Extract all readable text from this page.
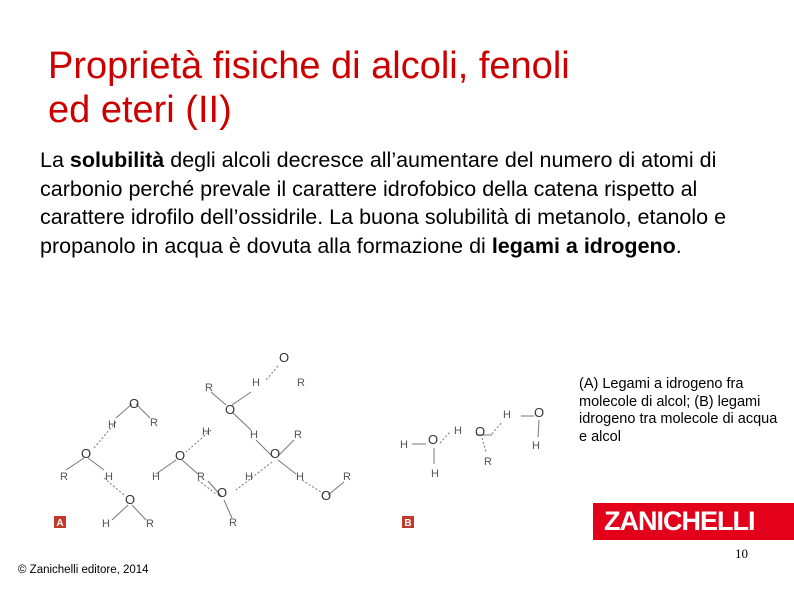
Proprietà fisiche di alcoli, fenoli
ed eteri (II)

La solubilità degli alcoli decresce all’aumentare del numero di atomi di carbonio perché prevale il carattere idrofobico della catena rispetto al carattere idrofilo dell’ossidrile. La buona solubilità di metanolo, etanolo e propanolo in acqua è dovuta alla formazione di legami a idrogeno.

O
O
O
O
O
O	O
O	O
O
O
O
H	R
R	H
H	R
R	H	R
H	H	R
H	R	H	H	R
R
H
H
H
R
H
H
A	B
(A) Legami a idrogeno fra molecole di alcol; (B) legami idrogeno tra molecole di acqua e alcol
ZANICHELLI
10
© Zanichelli editore, 2014
